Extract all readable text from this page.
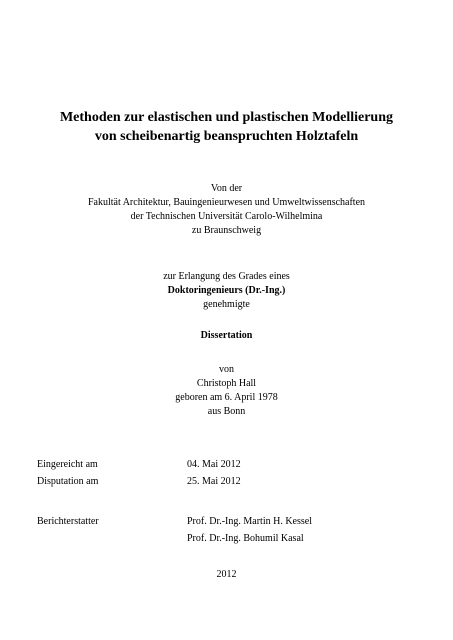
Methoden zur elastischen und plastischen Modellierung
von scheibenartig beanspruchten Holztafeln
Von der
Fakultät Architektur, Bauingenieurwesen und Umweltwissenschaften
der Technischen Universität Carolo-Wilhelmina
zu Braunschweig
zur Erlangung des Grades eines
Doktoringenieurs (Dr.-Ing.)
genehmigte
Dissertation
von
Christoph Hall
geboren am 6. April 1978
aus Bonn
Eingereicht am	04. Mai 2012
Disputation am	25. Mai 2012
Berichterstatter	Prof. Dr.-Ing. Martin H. Kessel
Prof. Dr.-Ing. Bohumil Kasal
2012
